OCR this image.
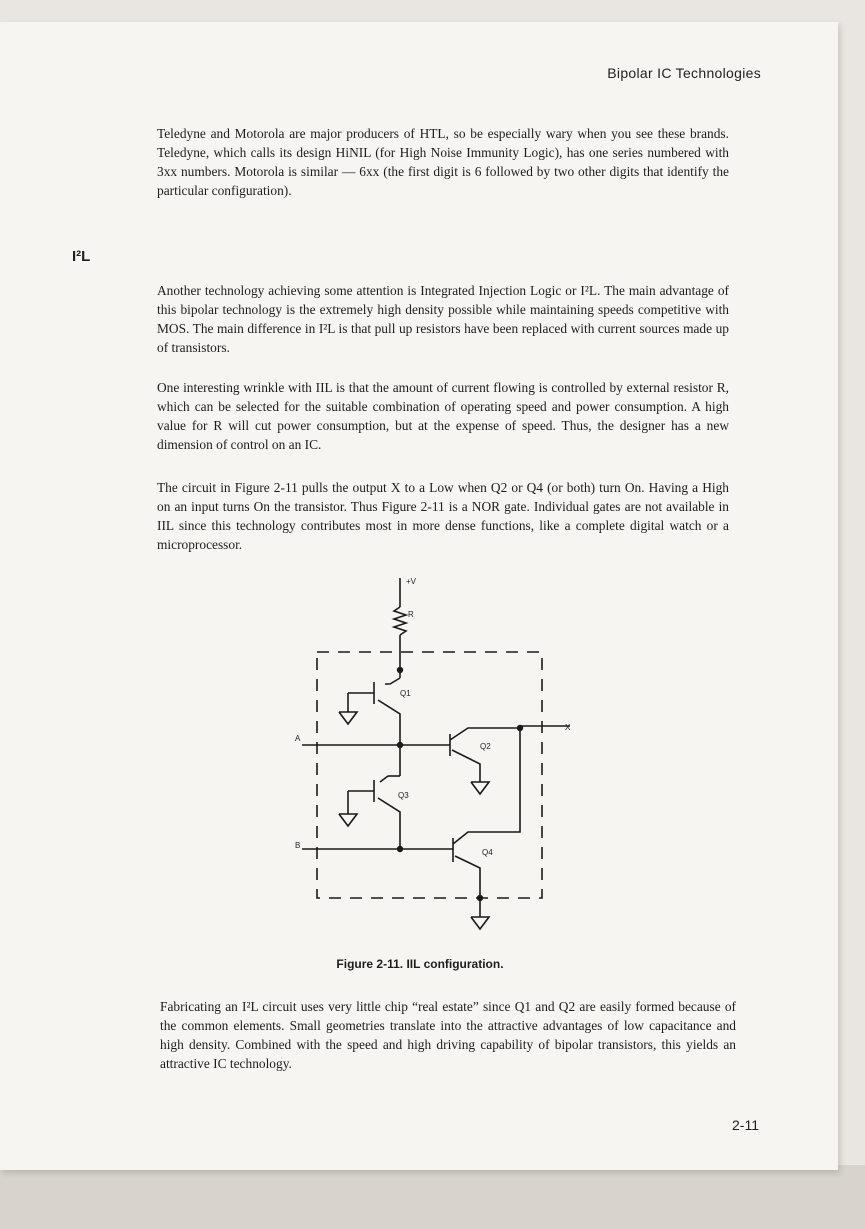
Bipolar IC Technologies
I²L

Teledyne and Motorola are major producers of HTL, so be especially wary when you see these brands. Teledyne, which calls its design HiNIL (for High Noise Immunity Logic), has one series numbered with 3xx numbers. Motorola is similar — 6xx (the first digit is 6 followed by two other digits that identify the particular configuration).

Another technology achieving some attention is Integrated Injection Logic or I²L. The main advantage of this bipolar technology is the extremely high density possible while maintaining speeds competitive with MOS. The main difference in I²L is that pull up resistors have been replaced with current sources made up of transistors.

One interesting wrinkle with IIL is that the amount of current flowing is controlled by external resistor R, which can be selected for the suitable combination of operating speed and power consumption. A high value for R will cut power consumption, but at the expense of speed. Thus, the designer has a new dimension of control on an IC.

The circuit in Figure 2-11 pulls the output X to a Low when Q2 or Q4 (or both) turn On. Having a High on an input turns On the transistor. Thus Figure 2-11 is a NOR gate. Individual gates are not available in IIL since this technology contributes most in more dense functions, like a complete digital watch or a microprocessor.

+V
R
Q1
Q2
Q3
Q4
A
B
X
Figure 2-11. IIL configuration.

Fabricating an I²L circuit uses very little chip “real estate” since Q1 and Q2 are easily formed because of the common elements. Small geometries translate into the attractive advantages of low capacitance and high density. Combined with the speed and high driving capability of bipolar transistors, this yields an attractive IC technology.

2-11
